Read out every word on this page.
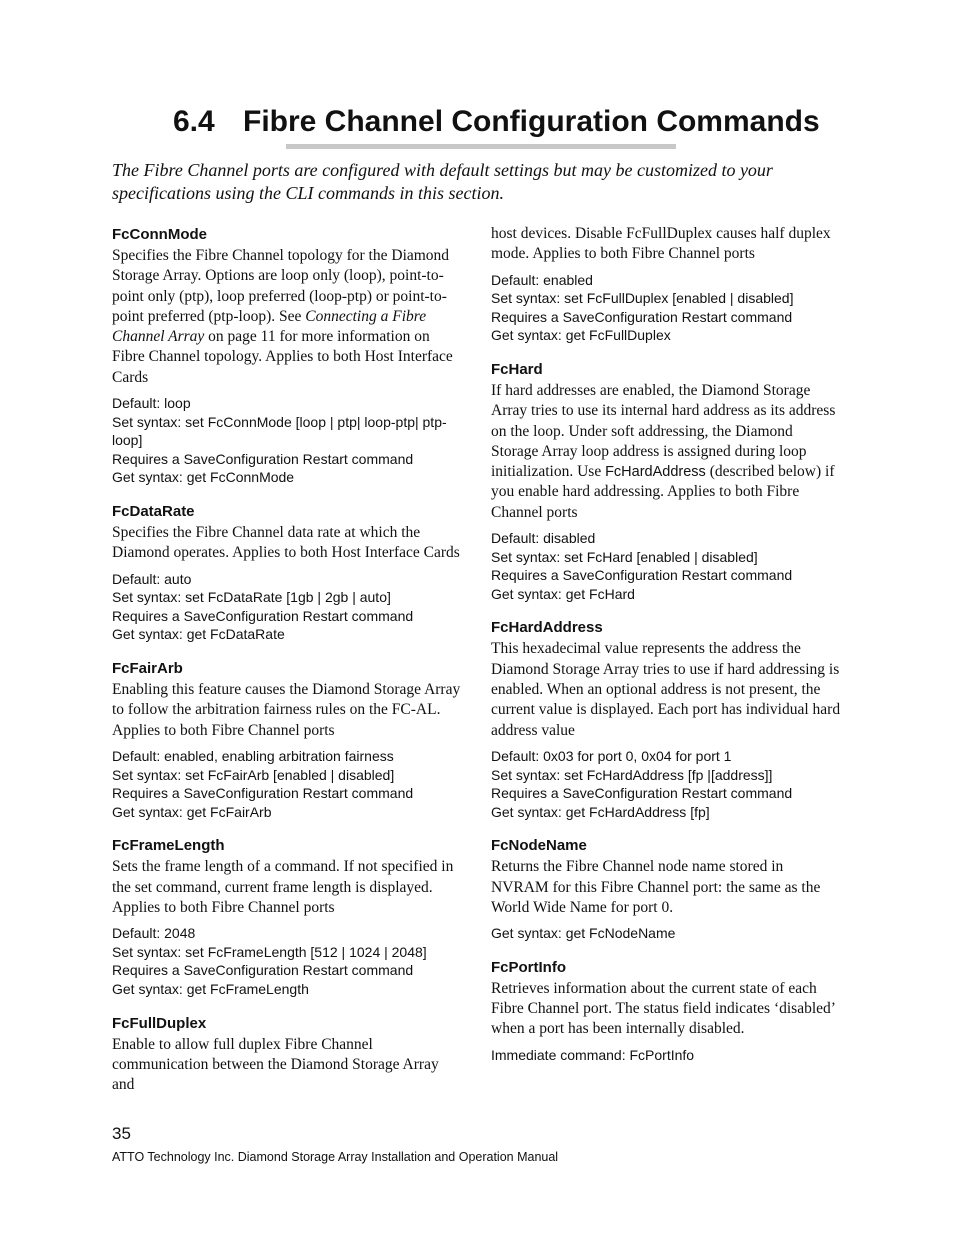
6.4 Fibre Channel Configuration Commands

The Fibre Channel ports are configured with default settings but may be customized to your specifications using the CLI commands in this section.

FcConnMode

Specifies the Fibre Channel topology for the Diamond Storage Array. Options are loop only (loop), point-to-point only (ptp), loop preferred (loop-ptp) or point-to-point preferred (ptp-loop). See Connecting a Fibre Channel Array on page 11 for more information on Fibre Channel topology. Applies to both Host Interface Cards

Default: loop
Set syntax: set FcConnMode [loop | ptp| loop-ptp| ptp-loop]
Requires a SaveConfiguration Restart command
Get syntax: get FcConnMode

FcDataRate

Specifies the Fibre Channel data rate at which the Diamond operates. Applies to both Host Interface Cards

Default: auto
Set syntax: set FcDataRate [1gb | 2gb | auto]
Requires a SaveConfiguration Restart command
Get syntax: get FcDataRate

FcFairArb

Enabling this feature causes the Diamond Storage Array to follow the arbitration fairness rules on the FC-AL. Applies to both Fibre Channel ports

Default: enabled, enabling arbitration fairness
Set syntax: set FcFairArb [enabled | disabled]
Requires a SaveConfiguration Restart command
Get syntax: get FcFairArb

FcFrameLength

Sets the frame length of a command. If not specified in the set command, current frame length is displayed. Applies to both Fibre Channel ports

Default: 2048
Set syntax: set FcFrameLength [512 | 1024 | 2048]
Requires a SaveConfiguration Restart command
Get syntax: get FcFrameLength

FcFullDuplex

Enable to allow full duplex Fibre Channel communication between the Diamond Storage Array and

host devices. Disable FcFullDuplex causes half duplex mode. Applies to both Fibre Channel ports

Default: enabled
Set syntax: set FcFullDuplex [enabled | disabled]
Requires a SaveConfiguration Restart command
Get syntax: get FcFullDuplex

FcHard

If hard addresses are enabled, the Diamond Storage Array tries to use its internal hard address as its address on the loop. Under soft addressing, the Diamond Storage Array loop address is assigned during loop initialization. Use FcHardAddress (described below) if you enable hard addressing. Applies to both Fibre Channel ports

Default: disabled
Set syntax: set FcHard [enabled | disabled]
Requires a SaveConfiguration Restart command
Get syntax: get FcHard

FcHardAddress

This hexadecimal value represents the address the Diamond Storage Array tries to use if hard addressing is enabled. When an optional address is not present, the current value is displayed. Each port has individual hard address value

Default: 0x03 for port 0, 0x04 for port 1
Set syntax: set FcHardAddress [fp |[address]]
Requires a SaveConfiguration Restart command
Get syntax: get FcHardAddress [fp]

FcNodeName

Returns the Fibre Channel node name stored in NVRAM for this Fibre Channel port: the same as the World Wide Name for port 0.

Get syntax: get FcNodeName

FcPortInfo

Retrieves information about the current state of each Fibre Channel port. The status field indicates ‘disabled’ when a port has been internally disabled.

Immediate command: FcPortInfo

35

ATTO Technology Inc. Diamond Storage Array Installation and Operation Manual
